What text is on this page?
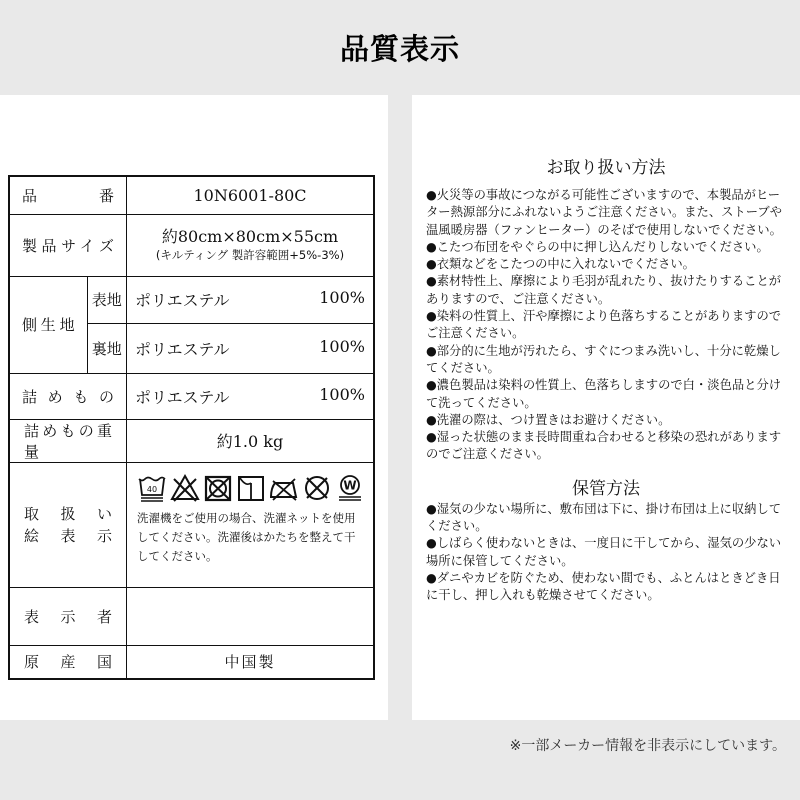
品質表示
品　　番		10N6001-80C
製品サイズ		約80cm×80cm×55cm
(キルティング 製許容範囲+5%-3%)

側生地	表地	ポリエステル 100%

	裏地	ポリエステル 100%

詰めもの		ポリエステル 100%

詰めもの重量		約1.0 kg

取扱い
絵表示

40	W
洗濯機をご使用の場合、洗濯ネットを使用してください。洗濯後はかたちを整えて干してください。

表示者		
原産国		中国製
お取り扱い方法

●火災等の事故につながる可能性ございますので、本製品がヒーター熱源部分にふれないようご注意ください。また、ストーブや温風暖房器（ファンヒーター）のそばで使用しないでください。

●こたつ布団をやぐらの中に押し込んだりしないでください。

●衣類などをこたつの中に入れないでください。

●素材特性上、摩擦により毛羽が乱れたり、抜けたりすることがありますので、ご注意ください。

●染料の性質上、汗や摩擦により色落ちすることがありますのでご注意ください。

●部分的に生地が汚れたら、すぐにつまみ洗いし、十分に乾燥してください。

●濃色製品は染料の性質上、色落ちしますので白・淡色品と分けて洗ってください。

●洗濯の際は、つけ置きはお避けください。

●湿った状態のまま長時間重ね合わせると移染の恐れがありますのでご注意ください。

保管方法

●湿気の少ない場所に、敷布団は下に、掛け布団は上に収納してください。

●しばらく使わないときは、一度日に干してから、湿気の少ない場所に保管してください。

●ダニやカビを防ぐため、使わない間でも、ふとんはときどき日に干し、押し入れも乾燥させてください。

※一部メーカー情報を非表示にしています。
